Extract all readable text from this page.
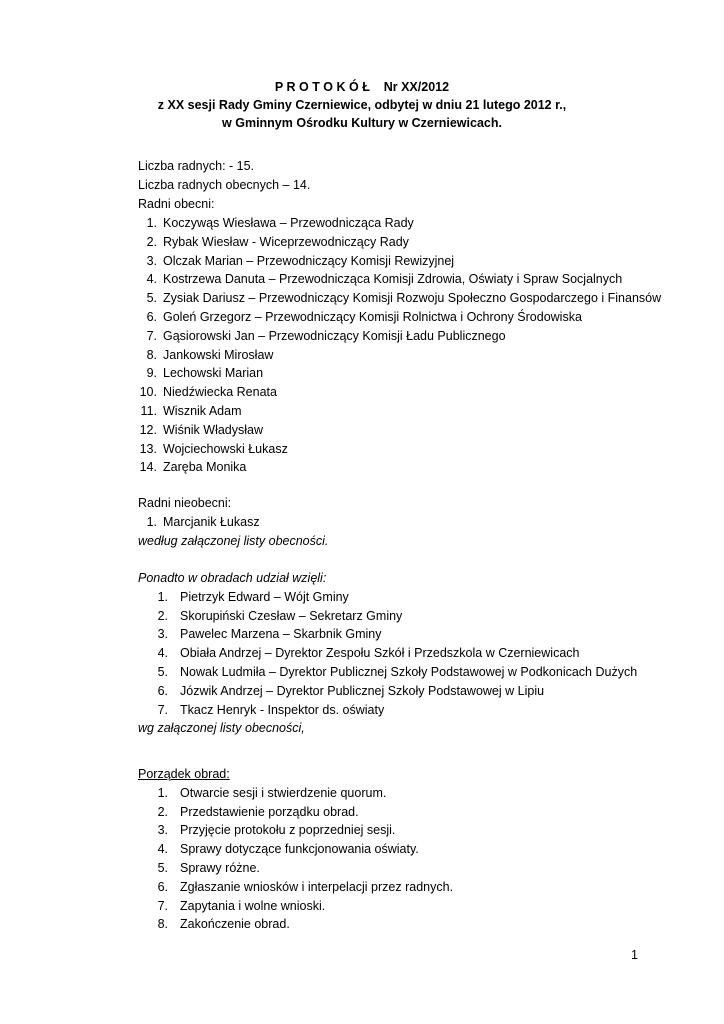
P R O T O K Ó Ł    Nr XX/2012
z XX sesji Rady Gminy Czerniewice, odbytej w dniu 21 lutego 2012 r.,
w Gminnym Ośrodku Kultury w Czerniewicach.
Liczba radnych: - 15.
Liczba radnych obecnych – 14.
Radni obecni:
1. Koczywąs Wiesława – Przewodnicząca Rady
2. Rybak Wiesław - Wiceprzewodniczący Rady
3. Olczak Marian – Przewodniczący Komisji Rewizyjnej
4. Kostrzewa Danuta – Przewodnicząca Komisji Zdrowia, Oświaty i Spraw Socjalnych
5. Zysiak Dariusz – Przewodniczący Komisji Rozwoju Społeczno Gospodarczego i Finansów
6. Goleń Grzegorz – Przewodniczący Komisji Rolnictwa i Ochrony Środowiska
7. Gąsiorowski Jan – Przewodniczący Komisji Ładu Publicznego
8. Jankowski Mirosław
9. Lechowski Marian
10. Niedźwiecka Renata
11. Wisznik Adam
12. Wiśnik Władysław
13. Wojciechowski Łukasz
14. Zaręba Monika
Radni nieobecni:
1. Marcjanik Łukasz
według załączonej listy obecności.
Ponadto w obradach udział wzięli:
1. Pietrzyk Edward – Wójt Gminy
2. Skorupiński Czesław – Sekretarz Gminy
3. Pawelec Marzena – Skarbnik Gminy
4. Obiała Andrzej – Dyrektor Zespołu Szkół i Przedszkola w Czerniewicach
5. Nowak Ludmiła – Dyrektor Publicznej Szkoły Podstawowej w Podkonicach Dużych
6. Józwik Andrzej – Dyrektor Publicznej Szkoły Podstawowej w Lipiu
7. Tkacz Henryk - Inspektor ds. oświaty
wg załączonej listy obecności,
Porządek obrad:
1. Otwarcie sesji i stwierdzenie quorum.
2. Przedstawienie porządku obrad.
3. Przyjęcie protokołu z poprzedniej sesji.
4. Sprawy dotyczące funkcjonowania oświaty.
5. Sprawy różne.
6. Zgłaszanie wniosków i interpelacji przez radnych.
7. Zapytania i wolne wnioski.
8. Zakończenie obrad.
1
